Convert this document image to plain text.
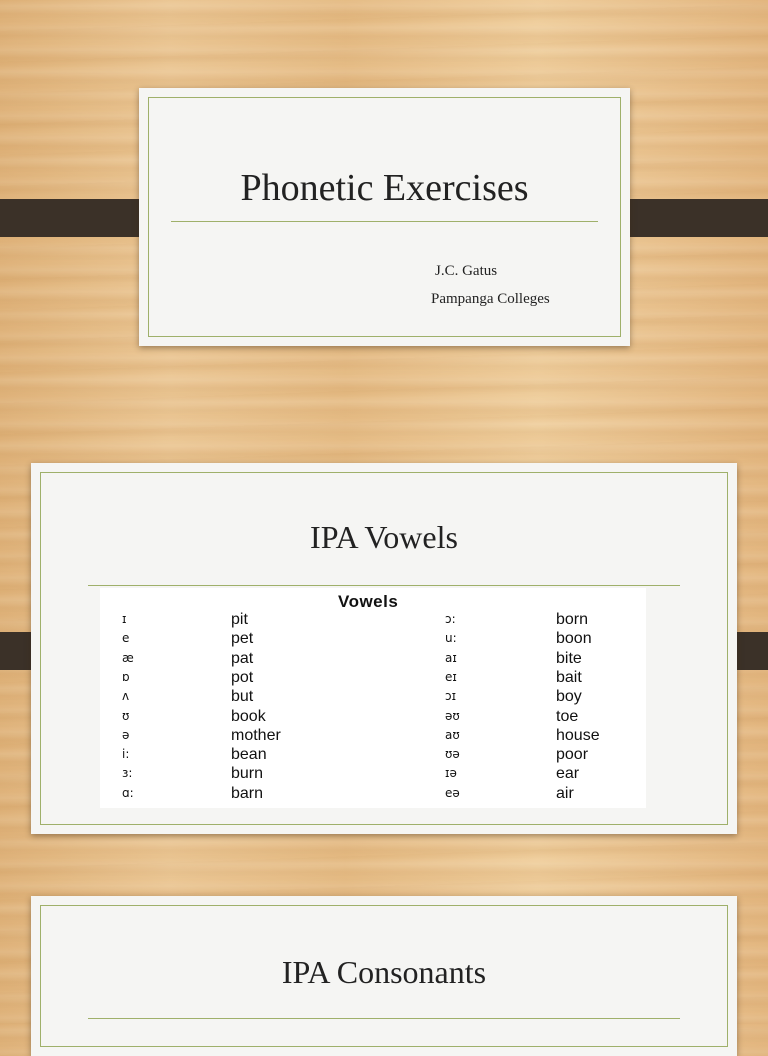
Phonetic Exercises
J.C. Gatus
Pampanga Colleges
IPA Vowels
Vowels
ɪ	pit	ɔ:	born
e	pet	u:	boon
æ	pat	aɪ	bite
ɒ	pot	eɪ	bait
ʌ	but	ɔɪ	boy
ʊ	book	əʊ	toe
ə	mother	aʊ	house
i:	bean	ʊə	poor
ɜ:	burn	ɪə	ear
ɑ:	barn	eə	air
IPA Consonants
